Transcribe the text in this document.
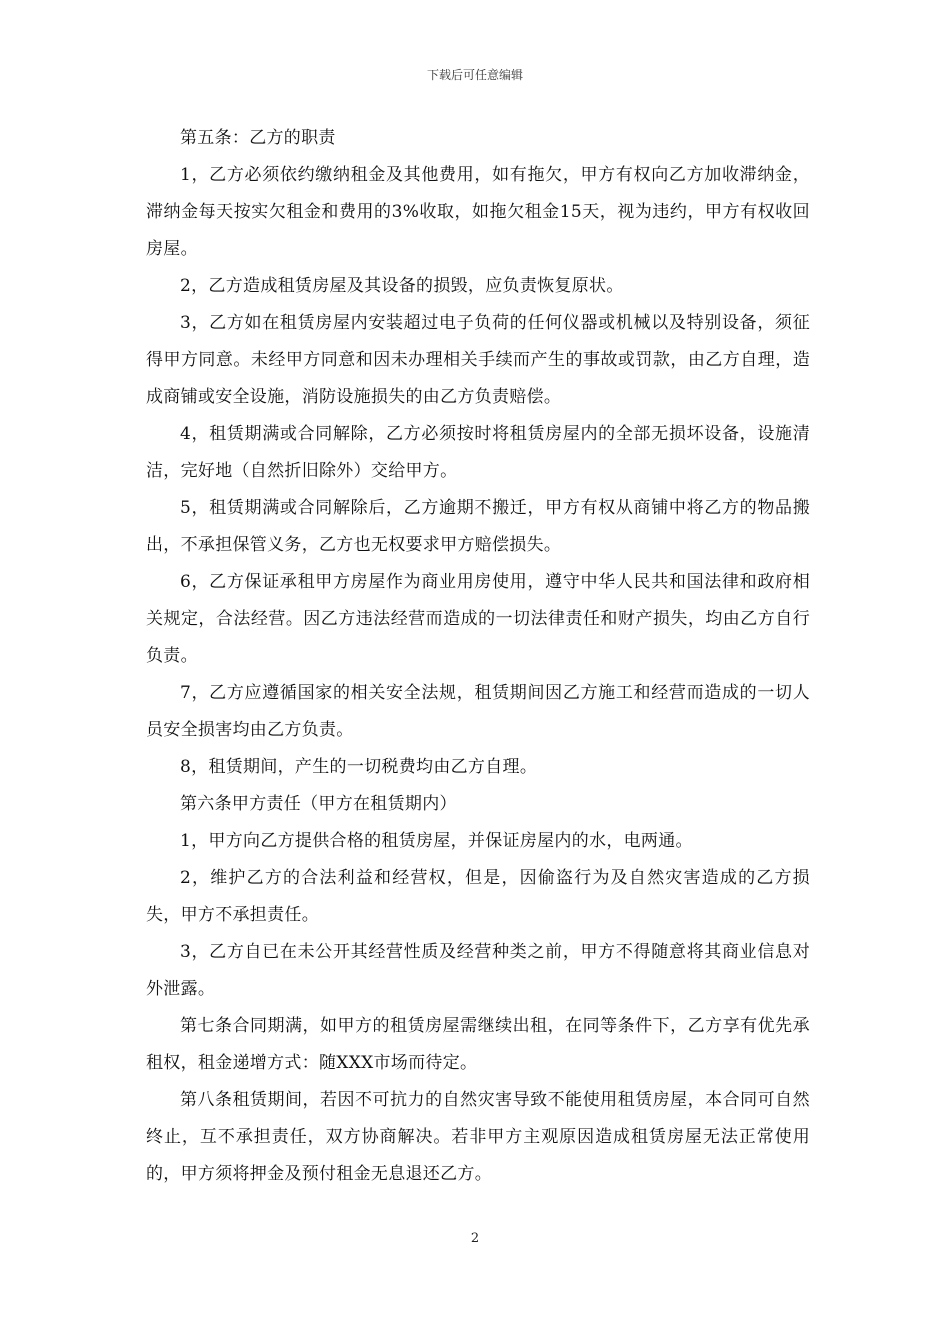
下载后可任意编辑

第五条：乙方的职责

1，乙方必须依约缴纳租金及其他费用，如有拖欠，甲方有权向乙方加收滞纳金，滞纳金每天按实欠租金和费用的3%收取，如拖欠租金15天，视为违约，甲方有权收回房屋。

2，乙方造成租赁房屋及其设备的损毁，应负责恢复原状。

3，乙方如在租赁房屋内安装超过电子负荷的任何仪器或机械以及特别设备，须征得甲方同意。未经甲方同意和因未办理相关手续而产生的事故或罚款，由乙方自理，造成商铺或安全设施，消防设施损失的由乙方负责赔偿。

4，租赁期满或合同解除，乙方必须按时将租赁房屋内的全部无损坏设备，设施清洁，完好地（自然折旧除外）交给甲方。

5，租赁期满或合同解除后，乙方逾期不搬迁，甲方有权从商铺中将乙方的物品搬出，不承担保管义务，乙方也无权要求甲方赔偿损失。

6，乙方保证承租甲方房屋作为商业用房使用，遵守中华人民共和国法律和政府相关规定，合法经营。因乙方违法经营而造成的一切法律责任和财产损失，均由乙方自行负责。

7，乙方应遵循国家的相关安全法规，租赁期间因乙方施工和经营而造成的一切人员安全损害均由乙方负责。

8，租赁期间，产生的一切税费均由乙方自理。

第六条甲方责任（甲方在租赁期内）

1，甲方向乙方提供合格的租赁房屋，并保证房屋内的水，电两通。

2，维护乙方的合法利益和经营权，但是，因偷盗行为及自然灾害造成的乙方损失，甲方不承担责任。

3，乙方自已在未公开其经营性质及经营种类之前，甲方不得随意将其商业信息对外泄露。

第七条合同期满，如甲方的租赁房屋需继续出租，在同等条件下，乙方享有优先承租权，租金递增方式：随XXX市场而待定。

第八条租赁期间，若因不可抗力的自然灾害导致不能使用租赁房屋，本合同可自然终止，互不承担责任，双方协商解决。若非甲方主观原因造成租赁房屋无法正常使用的，甲方须将押金及预付租金无息退还乙方。

2
